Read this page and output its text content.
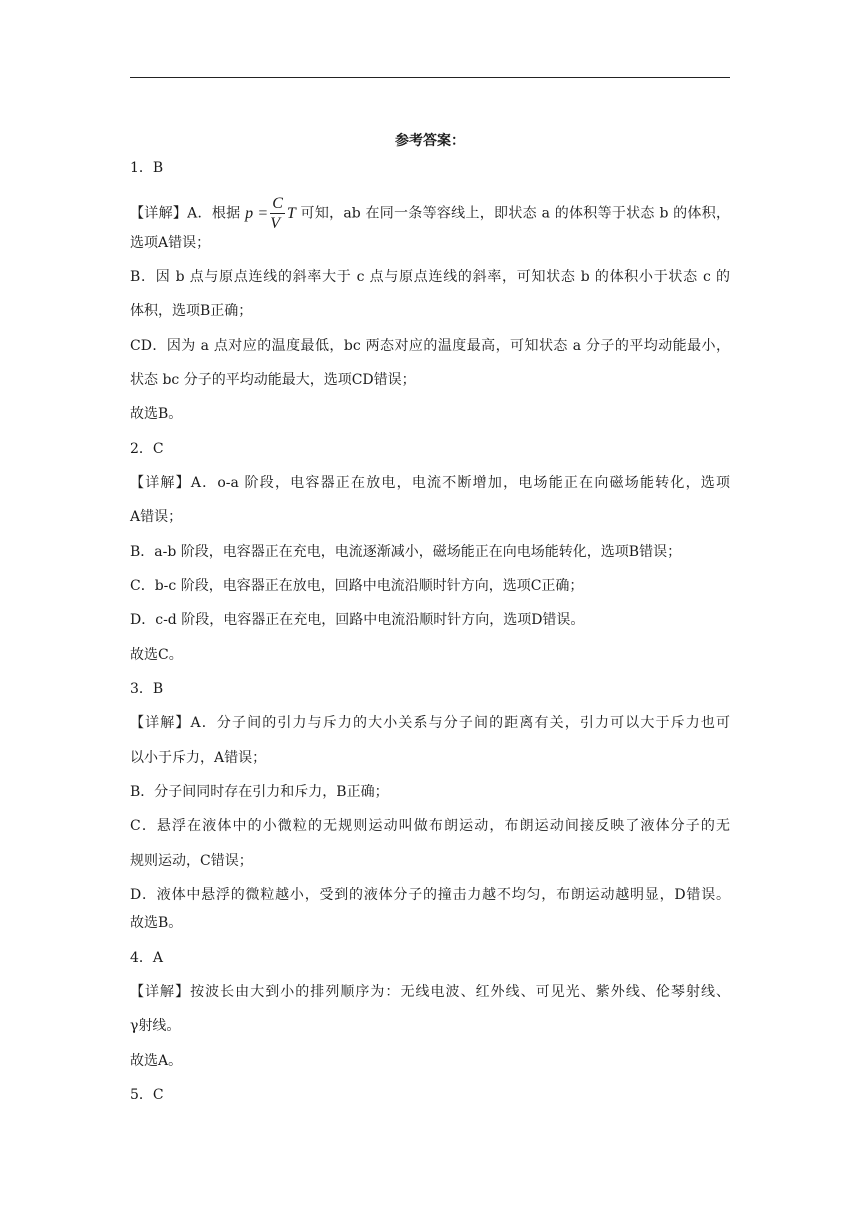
参考答案：
1．B
【详解】A．根据 $p = \frac{C}{V}$ T 可知，ab 在同一条等容线上，即状态 a 的体积等于状态 b 的体积，
选项A错误；
B．因 b 点与原点连线的斜率大于 c 点与原点连线的斜率，可知状态 b 的体积小于状态 c 的
体积，选项B正确；
CD．因为 a 点对应的温度最低，bc 两态对应的温度最高，可知状态 a 分子的平均动能最小，
状态 bc 分子的平均动能最大，选项CD错误；
故选B。
2．C
【详解】A．o-a 阶段，电容器正在放电，电流不断增加，电场能正在向磁场能转化，选项
A错误；
B．a-b 阶段，电容器正在充电，电流逐渐减小，磁场能正在向电场能转化，选项B错误；
C．b-c 阶段，电容器正在放电，回路中电流沿顺时针方向，选项C正确；
D．c-d 阶段，电容器正在充电，回路中电流沿顺时针方向，选项D错误。
故选C。
3．B
【详解】A．分子间的引力与斥力的大小关系与分子间的距离有关，引力可以大于斥力也可
以小于斥力，A错误；
B．分子间同时存在引力和斥力，B正确；
C．悬浮在液体中的小微粒的无规则运动叫做布朗运动，布朗运动间接反映了液体分子的无
规则运动，C错误；
D．液体中悬浮的微粒越小，受到的液体分子的撞击力越不均匀，布朗运动越明显，D错误。
故选B。
4．A
【详解】按波长由大到小的排列顺序为：无线电波、红外线、可见光、紫外线、伦琴射线、
γ射线。
故选A。
5．C
